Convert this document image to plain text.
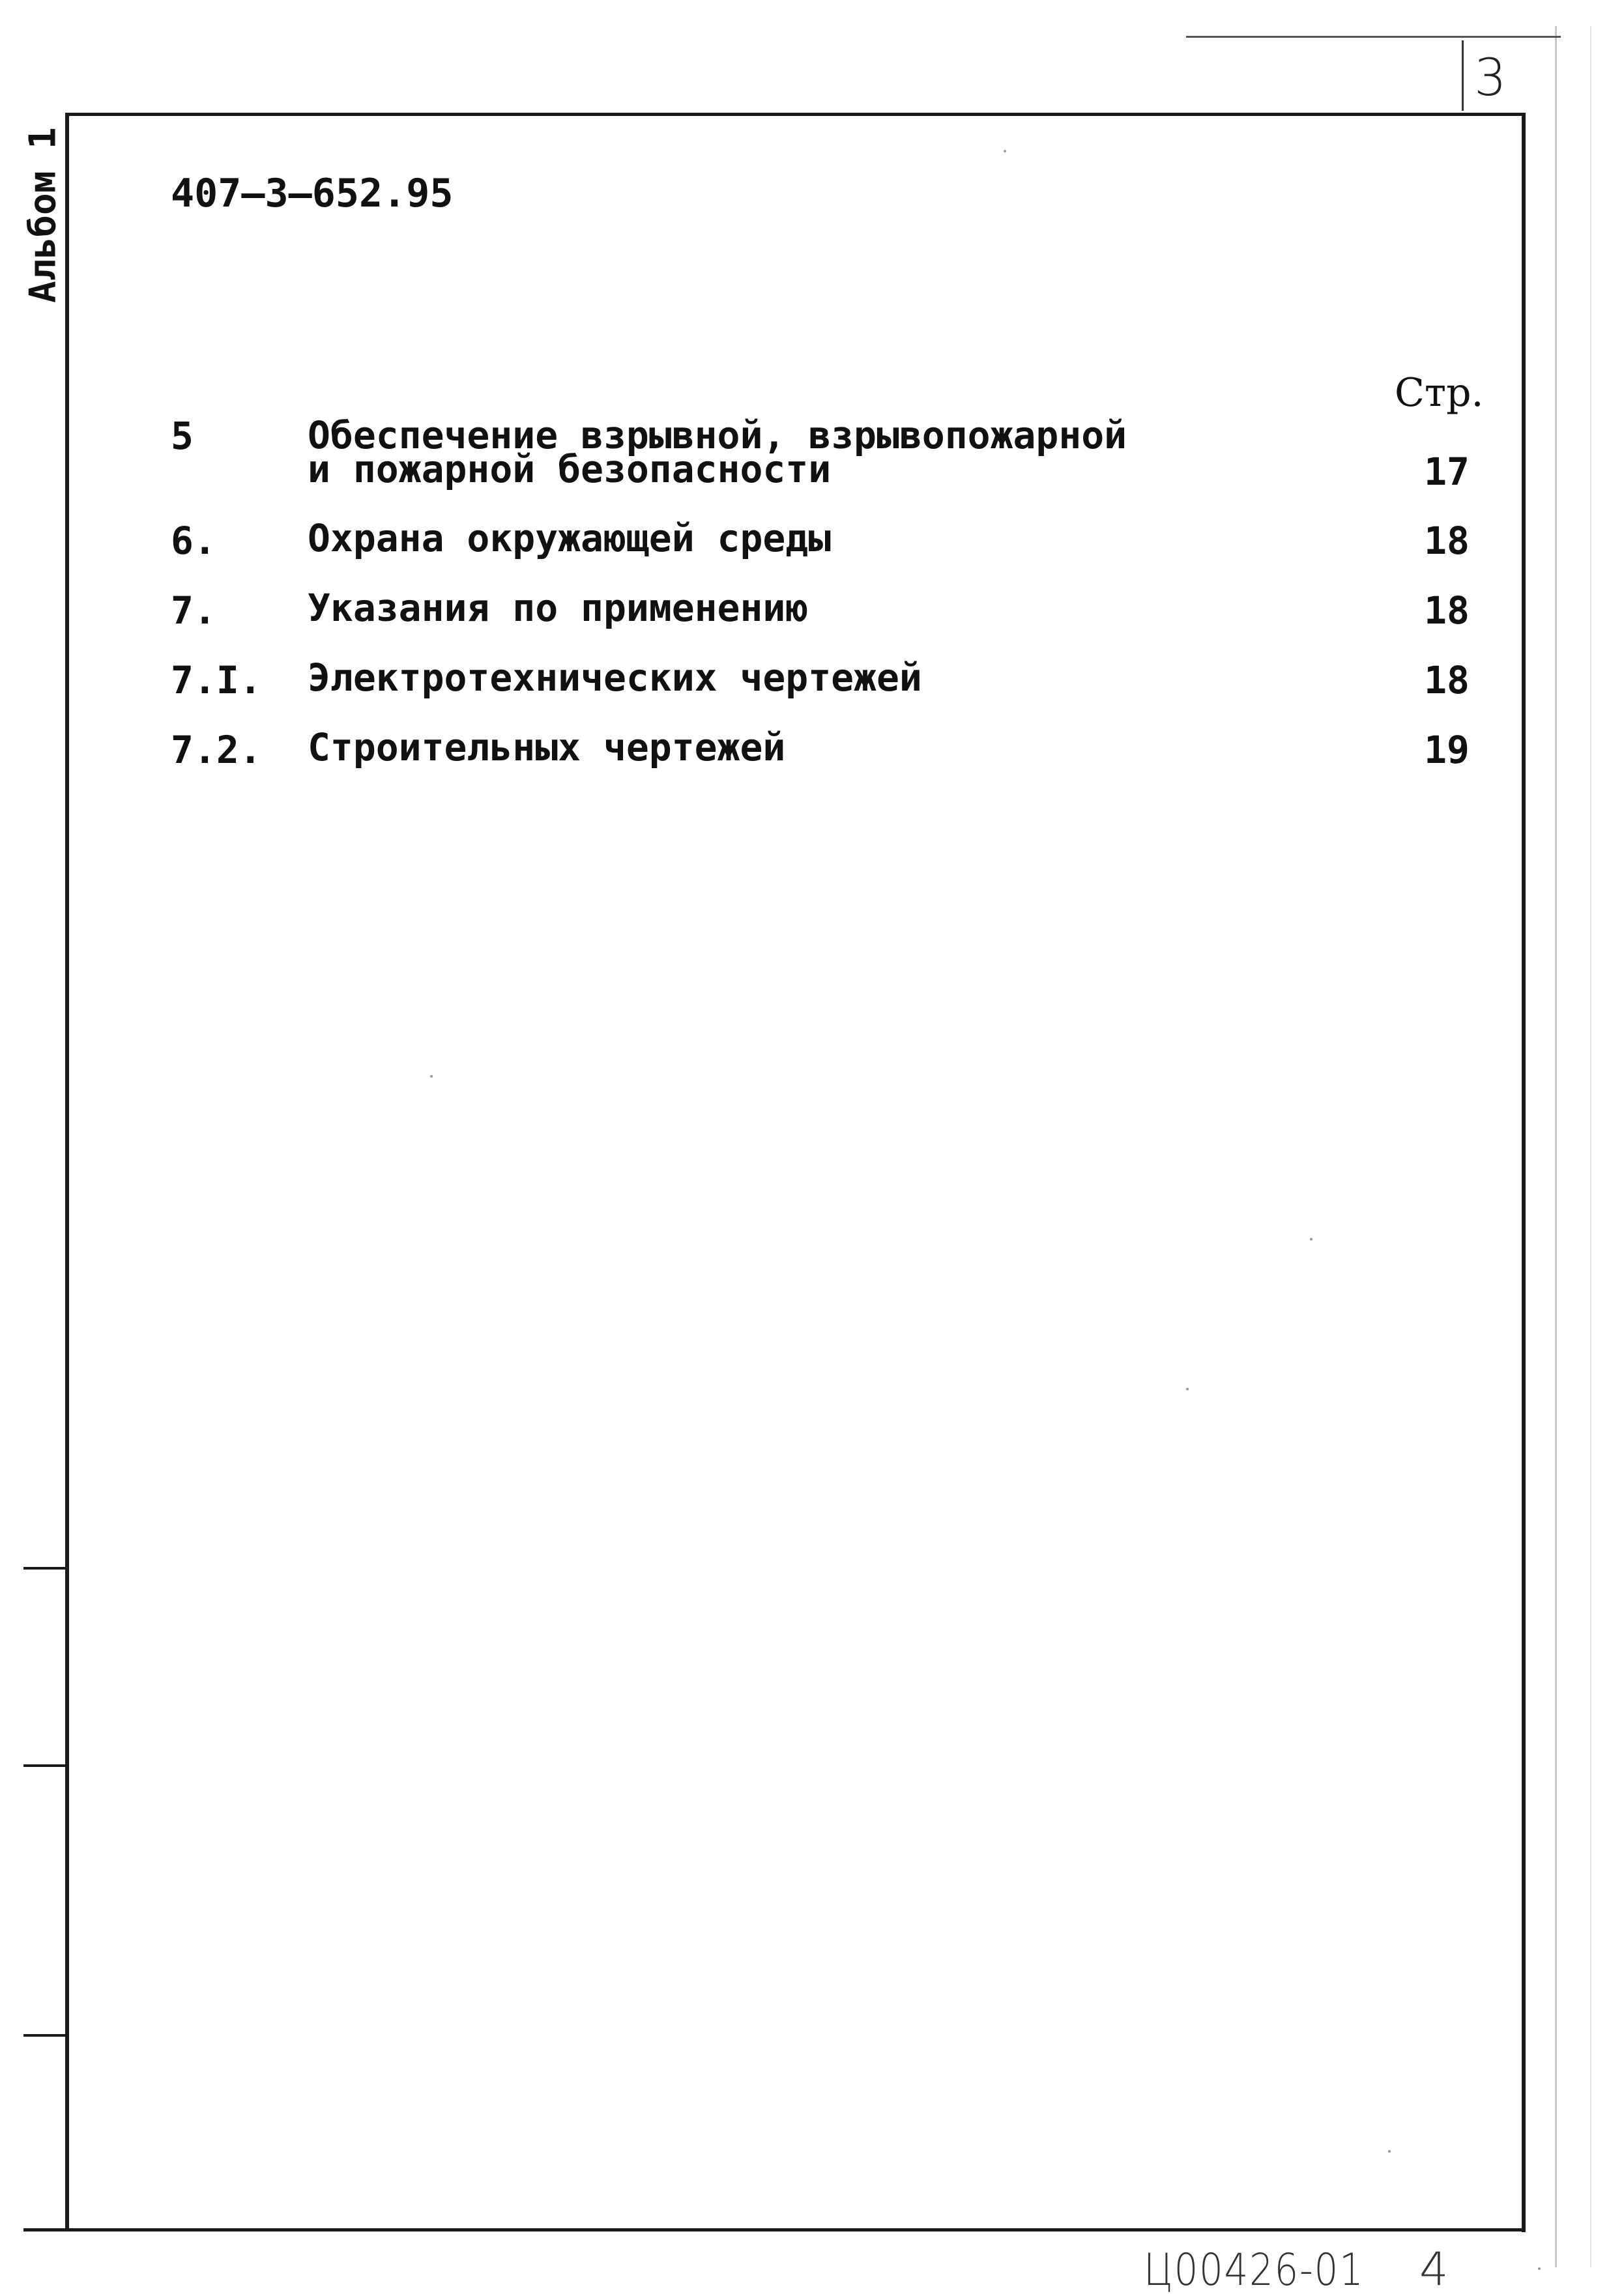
3
Альбом 1	407–3–652.95
Стр.
5	Обеспечение взрывной, взрывопожарной
и пожарной безопасности	17
6. Охрана окружающей среды	18
7. Указания по применению	18
7.I. Электротехнических чертежей	18
7.2. Строительных чертежей	19
Ц00426-01 4
